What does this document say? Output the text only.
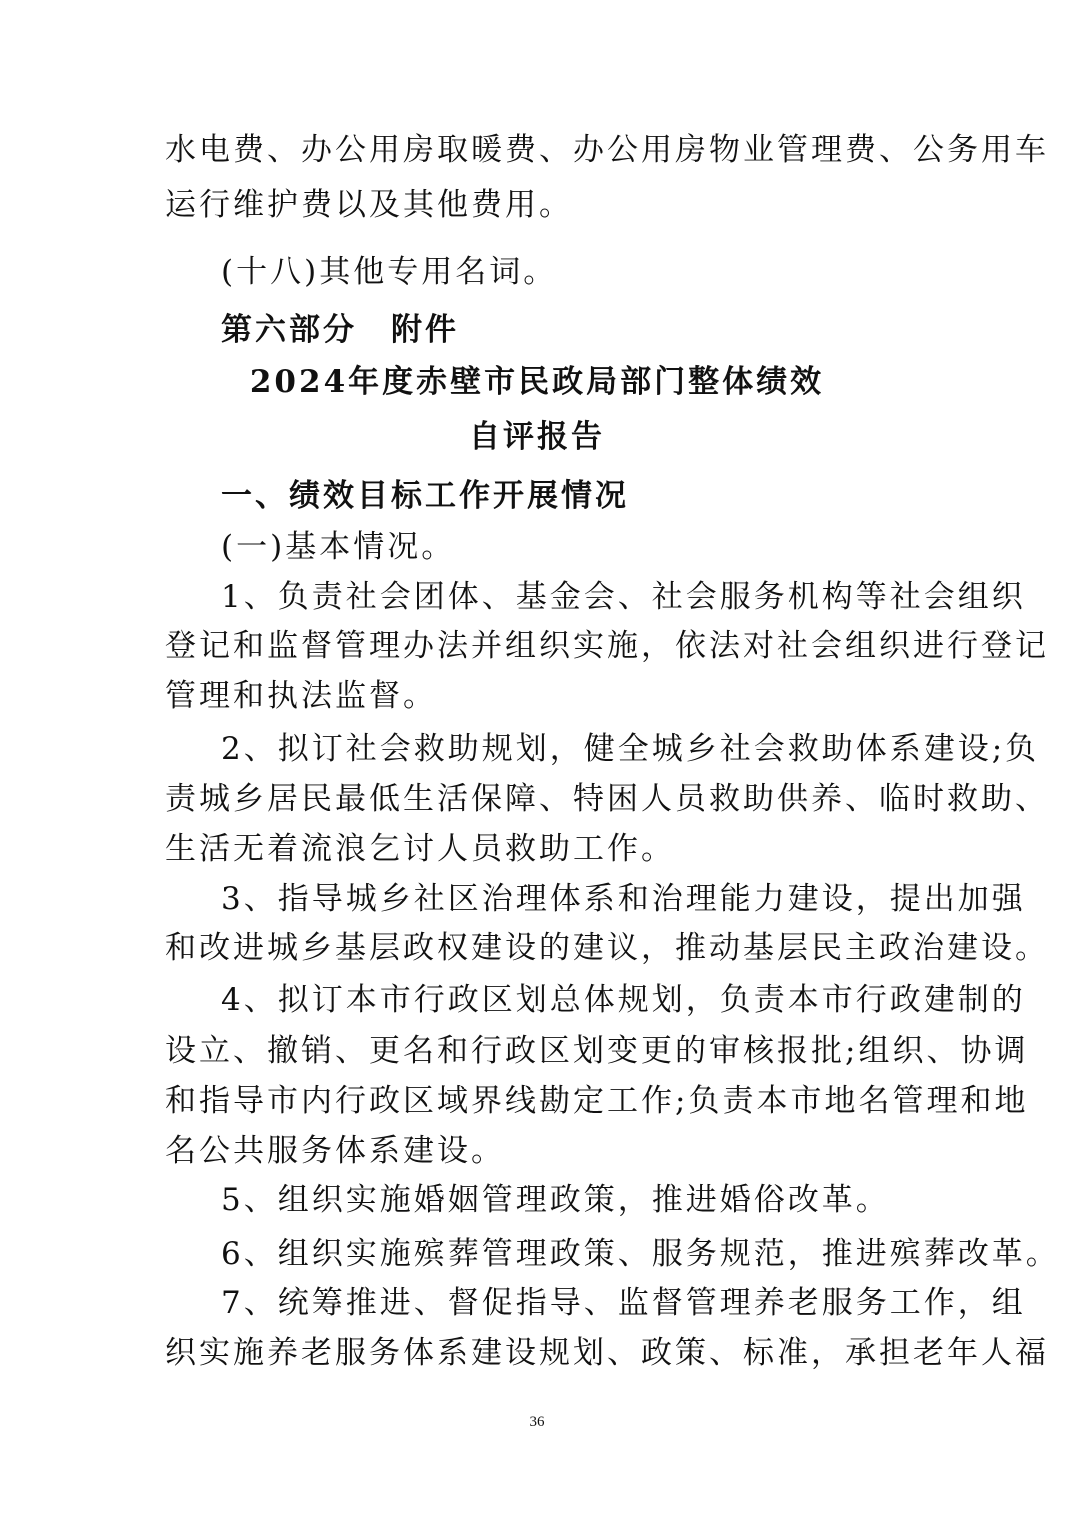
水电费、办公用房取暖费、办公用房物业管理费、公务用车
运行维护费以及其他费用。
(十八)其他专用名词。
第六部分　附件
2024年度赤壁市民政局部门整体绩效
自评报告
一、绩效目标工作开展情况
(一)基本情况。
1、负责社会团体、基金会、社会服务机构等社会组织
登记和监督管理办法并组织实施，依法对社会组织进行登记
管理和执法监督。
2、拟订社会救助规划，健全城乡社会救助体系建设;负
责城乡居民最低生活保障、特困人员救助供养、临时救助、
生活无着流浪乞讨人员救助工作。
3、指导城乡社区治理体系和治理能力建设，提出加强
和改进城乡基层政权建设的建议，推动基层民主政治建设。
4、拟订本市行政区划总体规划，负责本市行政建制的
设立、撤销、更名和行政区划变更的审核报批;组织、协调
和指导市内行政区域界线勘定工作;负责本市地名管理和地
名公共服务体系建设。
5、组织实施婚姻管理政策，推进婚俗改革。
6、组织实施殡葬管理政策、服务规范，推进殡葬改革。
7、统筹推进、督促指导、监督管理养老服务工作，组
织实施养老服务体系建设规划、政策、标准，承担老年人福
36
